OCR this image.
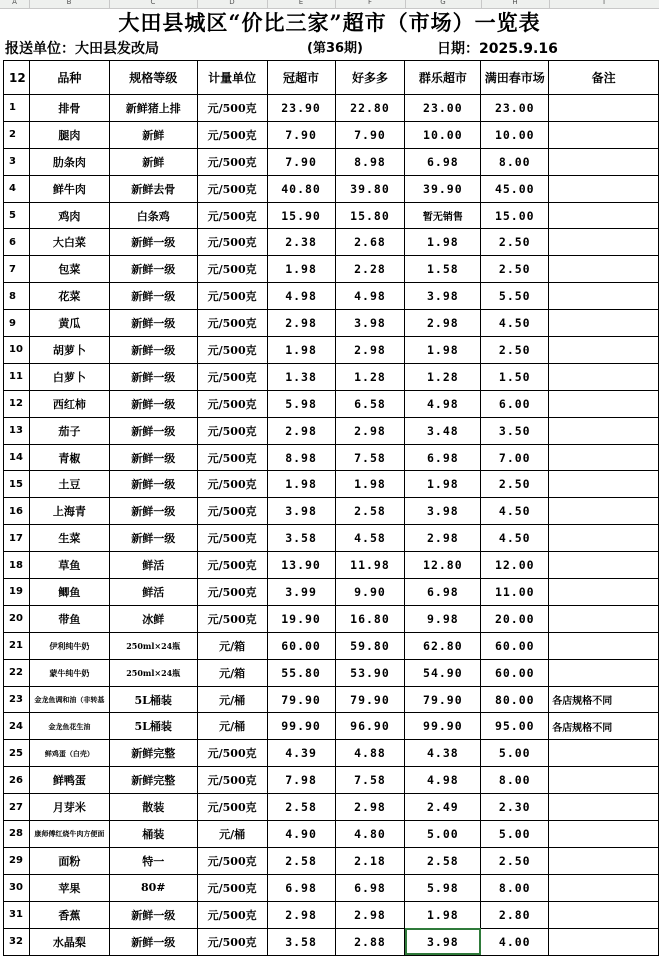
A	B	C	D	E	F	G	H	I
大田县城区“价比三家”超市（市场）一览表
报送单位：大田县发改局	(第36期)	日期：2025.9.16
12	品种	规格等级	计量单位	冠超市	好多多	群乐超市	满田春市场	备注
1	排骨	新鲜猪上排	元/500克	23.90	22.80	23.00	23.00	
2	腿肉	新鲜	元/500克	7.90	7.90	10.00	10.00	
3	肋条肉	新鲜	元/500克	7.90	8.98	6.98	8.00	
4	鲜牛肉	新鲜去骨	元/500克	40.80	39.80	39.90	45.00	
5	鸡肉	白条鸡	元/500克	15.90	15.80	暂无销售	15.00	
6	大白菜	新鲜一级	元/500克	2.38	2.68	1.98	2.50	
7	包菜	新鲜一级	元/500克	1.98	2.28	1.58	2.50	
8	花菜	新鲜一级	元/500克	4.98	4.98	3.98	5.50	
9	黄瓜	新鲜一级	元/500克	2.98	3.98	2.98	4.50	
10	胡萝卜	新鲜一级	元/500克	1.98	2.98	1.98	2.50	
11	白萝卜	新鲜一级	元/500克	1.38	1.28	1.28	1.50	
12	西红柿	新鲜一级	元/500克	5.98	6.58	4.98	6.00	
13	茄子	新鲜一级	元/500克	2.98	2.98	3.48	3.50	
14	青椒	新鲜一级	元/500克	8.98	7.58	6.98	7.00	
15	土豆	新鲜一级	元/500克	1.98	1.98	1.98	2.50	
16	上海青	新鲜一级	元/500克	3.98	2.58	3.98	4.50	
17	生菜	新鲜一级	元/500克	3.58	4.58	2.98	4.50	
18	草鱼	鲜活	元/500克	13.90	11.98	12.80	12.00	
19	鲫鱼	鲜活	元/500克	3.99	9.90	6.98	11.00	
20	带鱼	冰鲜	元/500克	19.90	16.80	9.98	20.00	
21	伊利纯牛奶	250ml×24瓶	元/箱	60.00	59.80	62.80	60.00	
22	蒙牛纯牛奶	250ml×24瓶	元/箱	55.80	53.90	54.90	60.00	
23	金龙鱼调和油（非转基	5L桶装	元/桶	79.90	79.90	79.90	80.00	各店规格不同
24	金龙鱼花生油	5L桶装	元/桶	99.90	96.90	99.90	95.00	各店规格不同
25	鲜鸡蛋（白壳）	新鲜完整	元/500克	4.39	4.88	4.38	5.00	
26	鲜鸭蛋	新鲜完整	元/500克	7.98	7.58	4.98	8.00	
27	月芽米	散装	元/500克	2.58	2.98	2.49	2.30	
28	康师傅红烧牛肉方便面	桶装	元/桶	4.90	4.80	5.00	5.00	
29	面粉	特一	元/500克	2.58	2.18	2.58	2.50	
30	苹果	80#	元/500克	6.98	6.98	5.98	8.00	
31	香蕉	新鲜一级	元/500克	2.98	2.98	1.98	2.80	
32	水晶梨	新鲜一级	元/500克	3.58	2.88	3.98	4.00	
